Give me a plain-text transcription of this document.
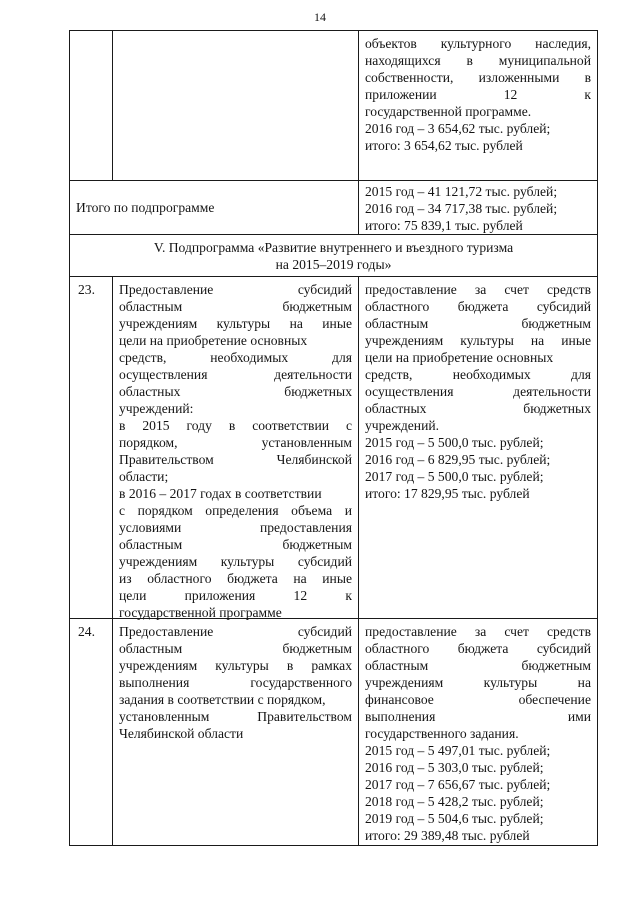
14
объектов культурного наследия,
находящихся в муниципальной
собственности, изложенными в
приложении 12 к
государственной программе.
2016 год – 3 654,62 тыс. рублей;
итого: 3 654,62 тыс. рублей
Итого по подпрограмме
2015 год – 41 121,72 тыс. рублей;
2016 год – 34 717,38 тыс. рублей;
итого: 75 839,1 тыс. рублей
V. Подпрограмма «Развитие внутреннего и въездного туризма
на 2015–2019 годы»
23.	Предоставление субсидий
областным бюджетным
учреждениям культуры на иные
цели на приобретение основных
средств, необходимых для
осуществления деятельности
областных бюджетных
учреждений:
в 2015 году в соответствии с
порядком, установленным
Правительством Челябинской
области;
в 2016 – 2017 годах в соответствии
с порядком определения объема и
условиями предоставления
областным бюджетным
учреждениям культуры субсидий
из областного бюджета на иные
цели приложения 12 к
государственной программе
предоставление за счет средств
областного бюджета субсидий
областным бюджетным
учреждениям культуры на иные
цели на приобретение основных
средств, необходимых для
осуществления деятельности
областных бюджетных
учреждений.
2015 год – 5 500,0 тыс. рублей;
2016 год – 6 829,95 тыс. рублей;
2017 год – 5 500,0 тыс. рублей;
итого: 17 829,95 тыс. рублей
24.	Предоставление субсидий
областным бюджетным
учреждениям культуры в рамках
выполнения государственного
задания в соответствии с порядком,
установленным Правительством
Челябинской области
предоставление за счет средств
областного бюджета субсидий
областным бюджетным
учреждениям культуры на
финансовое обеспечение
выполнения ими
государственного задания.
2015 год – 5 497,01 тыс. рублей;
2016 год – 5 303,0 тыс. рублей;
2017 год – 7 656,67 тыс. рублей;
2018 год – 5 428,2 тыс. рублей;
2019 год – 5 504,6 тыс. рублей;
итого: 29 389,48 тыс. рублей
